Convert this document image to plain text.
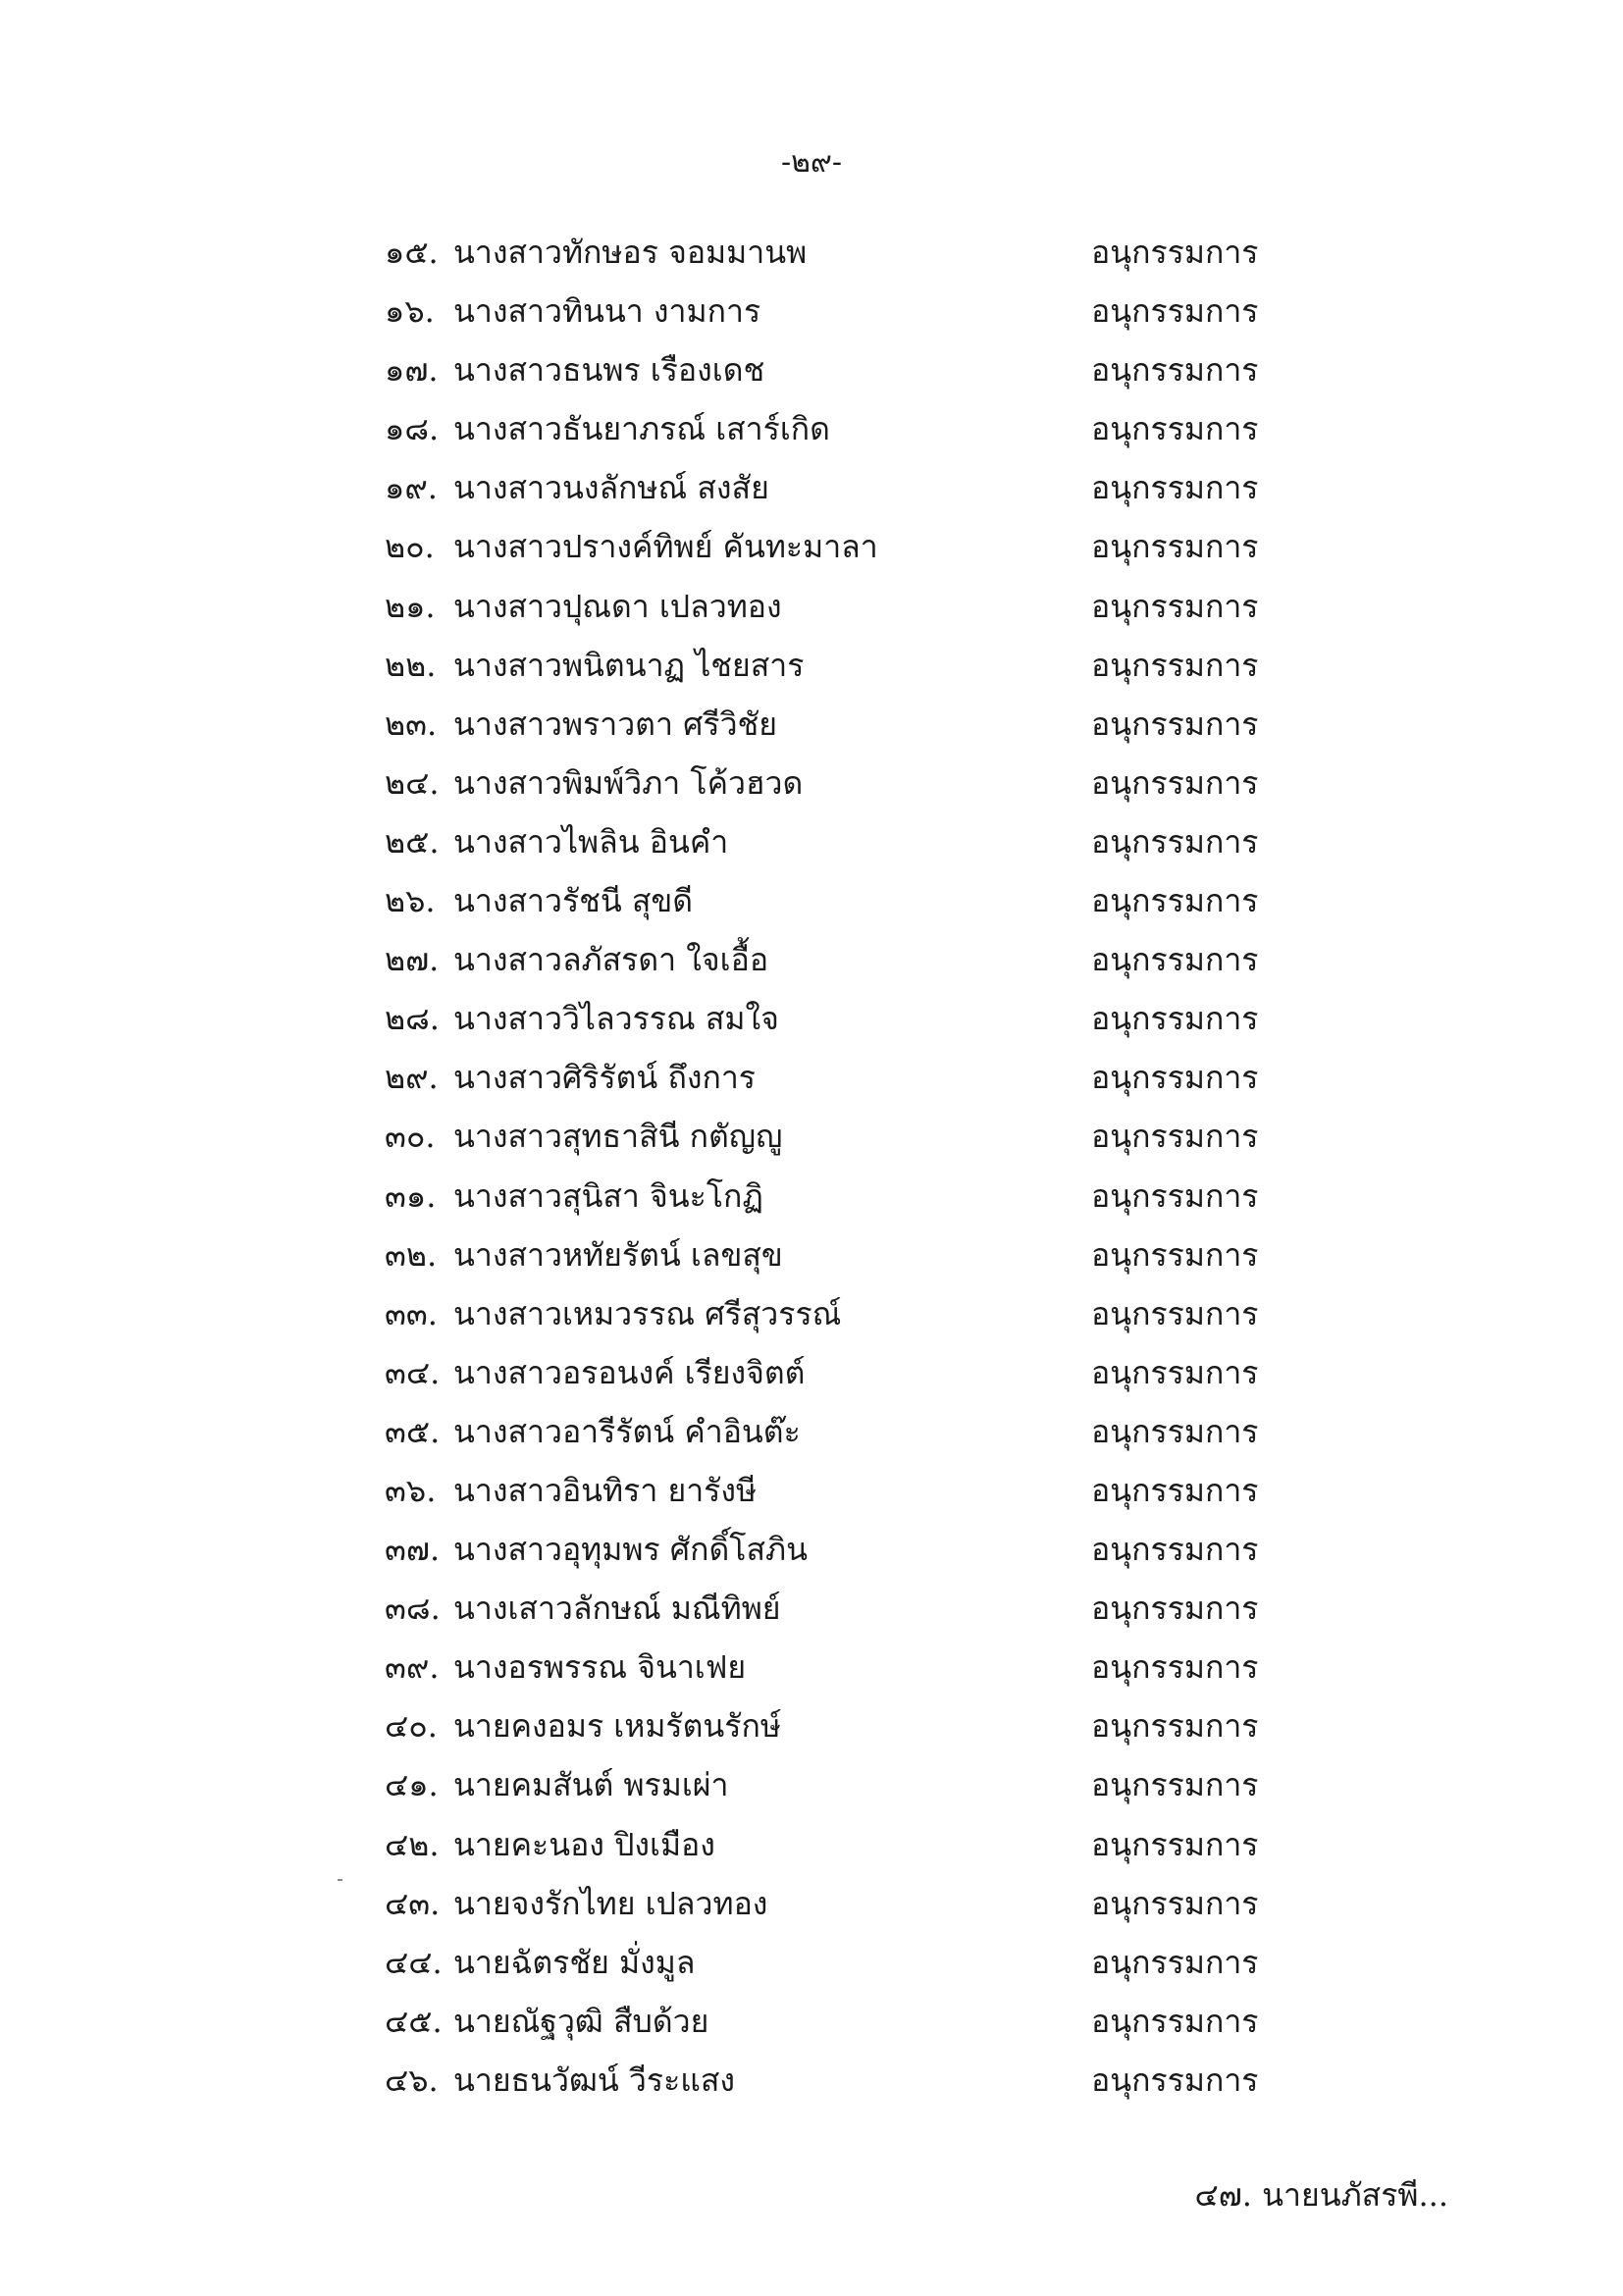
-๒๙-
๑๕. นางสาวทักษอร จอมมานพ	อนุกรรมการ
๑๖. นางสาวทินนา งามการ	อนุกรรมการ
๑๗. นางสาวธนพร เรืองเดช	อนุกรรมการ
๑๘. นางสาวธันยาภรณ์ เสาร์เกิด	อนุกรรมการ
๑๙. นางสาวนงลักษณ์ สงสัย	อนุกรรมการ
๒๐. นางสาวปรางค์ทิพย์ คันทะมาลา	อนุกรรมการ
๒๑. นางสาวปุณดา เปลวทอง	อนุกรรมการ
๒๒. นางสาวพนิตนาฏ ไชยสาร	อนุกรรมการ
๒๓. นางสาวพราวตา ศรีวิชัย	อนุกรรมการ
๒๔. นางสาวพิมพ์วิภา โค้วฮวด	อนุกรรมการ
๒๕. นางสาวไพลิน อินคำ	อนุกรรมการ
๒๖. นางสาวรัชนี สุขดี	อนุกรรมการ
๒๗. นางสาวลภัสรดา ใจเอื้อ	อนุกรรมการ
๒๘. นางสาววิไลวรรณ สมใจ	อนุกรรมการ
๒๙. นางสาวศิริรัตน์ ถึงการ	อนุกรรมการ
๓๐. นางสาวสุทธาสินี กตัญญู	อนุกรรมการ
๓๑. นางสาวสุนิสา จินะโกฏิ	อนุกรรมการ
๓๒. นางสาวหทัยรัตน์ เลขสุข	อนุกรรมการ
๓๓. นางสาวเหมวรรณ ศรีสุวรรณ์	อนุกรรมการ
๓๔. นางสาวอรอนงค์ เรียงจิตต์	อนุกรรมการ
๓๕. นางสาวอารีรัตน์ คำอินต๊ะ	อนุกรรมการ
๓๖. นางสาวอินทิรา ยารังษี	อนุกรรมการ
๓๗. นางสาวอุทุมพร ศักดิ์โสภิน	อนุกรรมการ
๓๘. นางเสาวลักษณ์ มณีทิพย์	อนุกรรมการ
๓๙. นางอรพรรณ จินาเฟย	อนุกรรมการ
๔๐. นายคงอมร เหมรัตนรักษ์	อนุกรรมการ
๔๑. นายคมสันต์ พรมเผ่า	อนุกรรมการ
๔๒. นายคะนอง ปิงเมือง	อนุกรรมการ
๔๓. นายจงรักไทย เปลวทอง	อนุกรรมการ
๔๔. นายฉัตรชัย มั่งมูล	อนุกรรมการ
๔๕. นายณัฐวุฒิ สืบด้วย	อนุกรรมการ
๔๖. นายธนวัฒน์ วีระแสง	อนุกรรมการ
๔๗. นายนภัสรพี...
